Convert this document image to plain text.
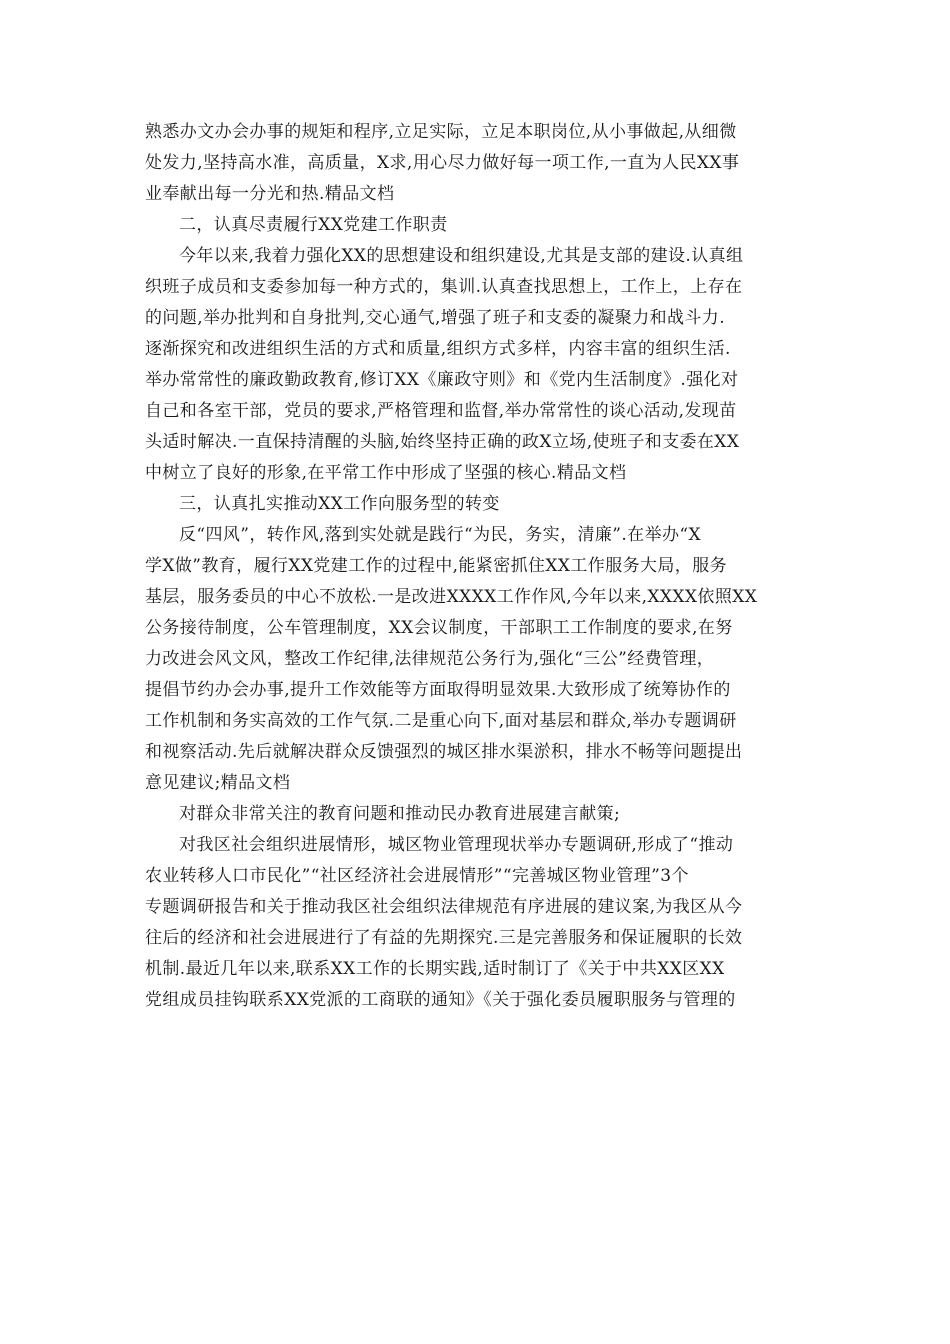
熟悉办文办会办事的规矩和程序,立足实际，立足本职岗位,从小事做起,从细微
处发力,坚持高水准，高质量，X求,用心尽力做好每一项工作,一直为人民XX事
业奉献出每一分光和热.精品文档
二，认真尽责履行XX党建工作职责
今年以来,我着力强化XX的思想建设和组织建设,尤其是支部的建设.认真组
织班子成员和支委参加每一种方式的，集训.认真查找思想上，工作上，上存在
的问题,举办批判和自身批判,交心通气,增强了班子和支委的凝聚力和战斗力.
逐渐探究和改进组织生活的方式和质量,组织方式多样，内容丰富的组织生活.
举办常常性的廉政勤政教育,修订XX《廉政守则》和《党内生活制度》.强化对
自己和各室干部，党员的要求,严格管理和监督,举办常常性的谈心活动,发现苗
头适时解决.一直保持清醒的头脑,始终坚持正确的政X立场,使班子和支委在XX
中树立了良好的形象,在平常工作中形成了坚强的核心.精品文档
三，认真扎实推动XX工作向服务型的转变
反“四风”，转作风,落到实处就是践行“为民，务实，清廉”.在举办“X
学X做”教育，履行XX党建工作的过程中,能紧密抓住XX工作服务大局，服务
基层，服务委员的中心不放松.一是改进XXXX工作作风,今年以来,XXXX依照XX
公务接待制度，公车管理制度，XX会议制度，干部职工工作制度的要求,在努
力改进会风文风，整改工作纪律,法律规范公务行为,强化“三公”经费管理，
提倡节约办会办事,提升工作效能等方面取得明显效果.大致形成了统筹协作的
工作机制和务实高效的工作气氛.二是重心向下,面对基层和群众,举办专题调研
和视察活动.先后就解决群众反馈强烈的城区排水渠淤积，排水不畅等问题提出
意见建议;精品文档
对群众非常关注的教育问题和推动民办教育进展建言献策;
对我区社会组织进展情形，城区物业管理现状举办专题调研,形成了“推动
农业转移人口市民化”“社区经济社会进展情形”“完善城区物业管理”3个
专题调研报告和关于推动我区社会组织法律规范有序进展的建议案,为我区从今
往后的经济和社会进展进行了有益的先期探究.三是完善服务和保证履职的长效
机制.最近几年以来,联系XX工作的长期实践,适时制订了《关于中共XX区XX
党组成员挂钩联系XX党派的工商联的通知》《关于强化委员履职服务与管理的
